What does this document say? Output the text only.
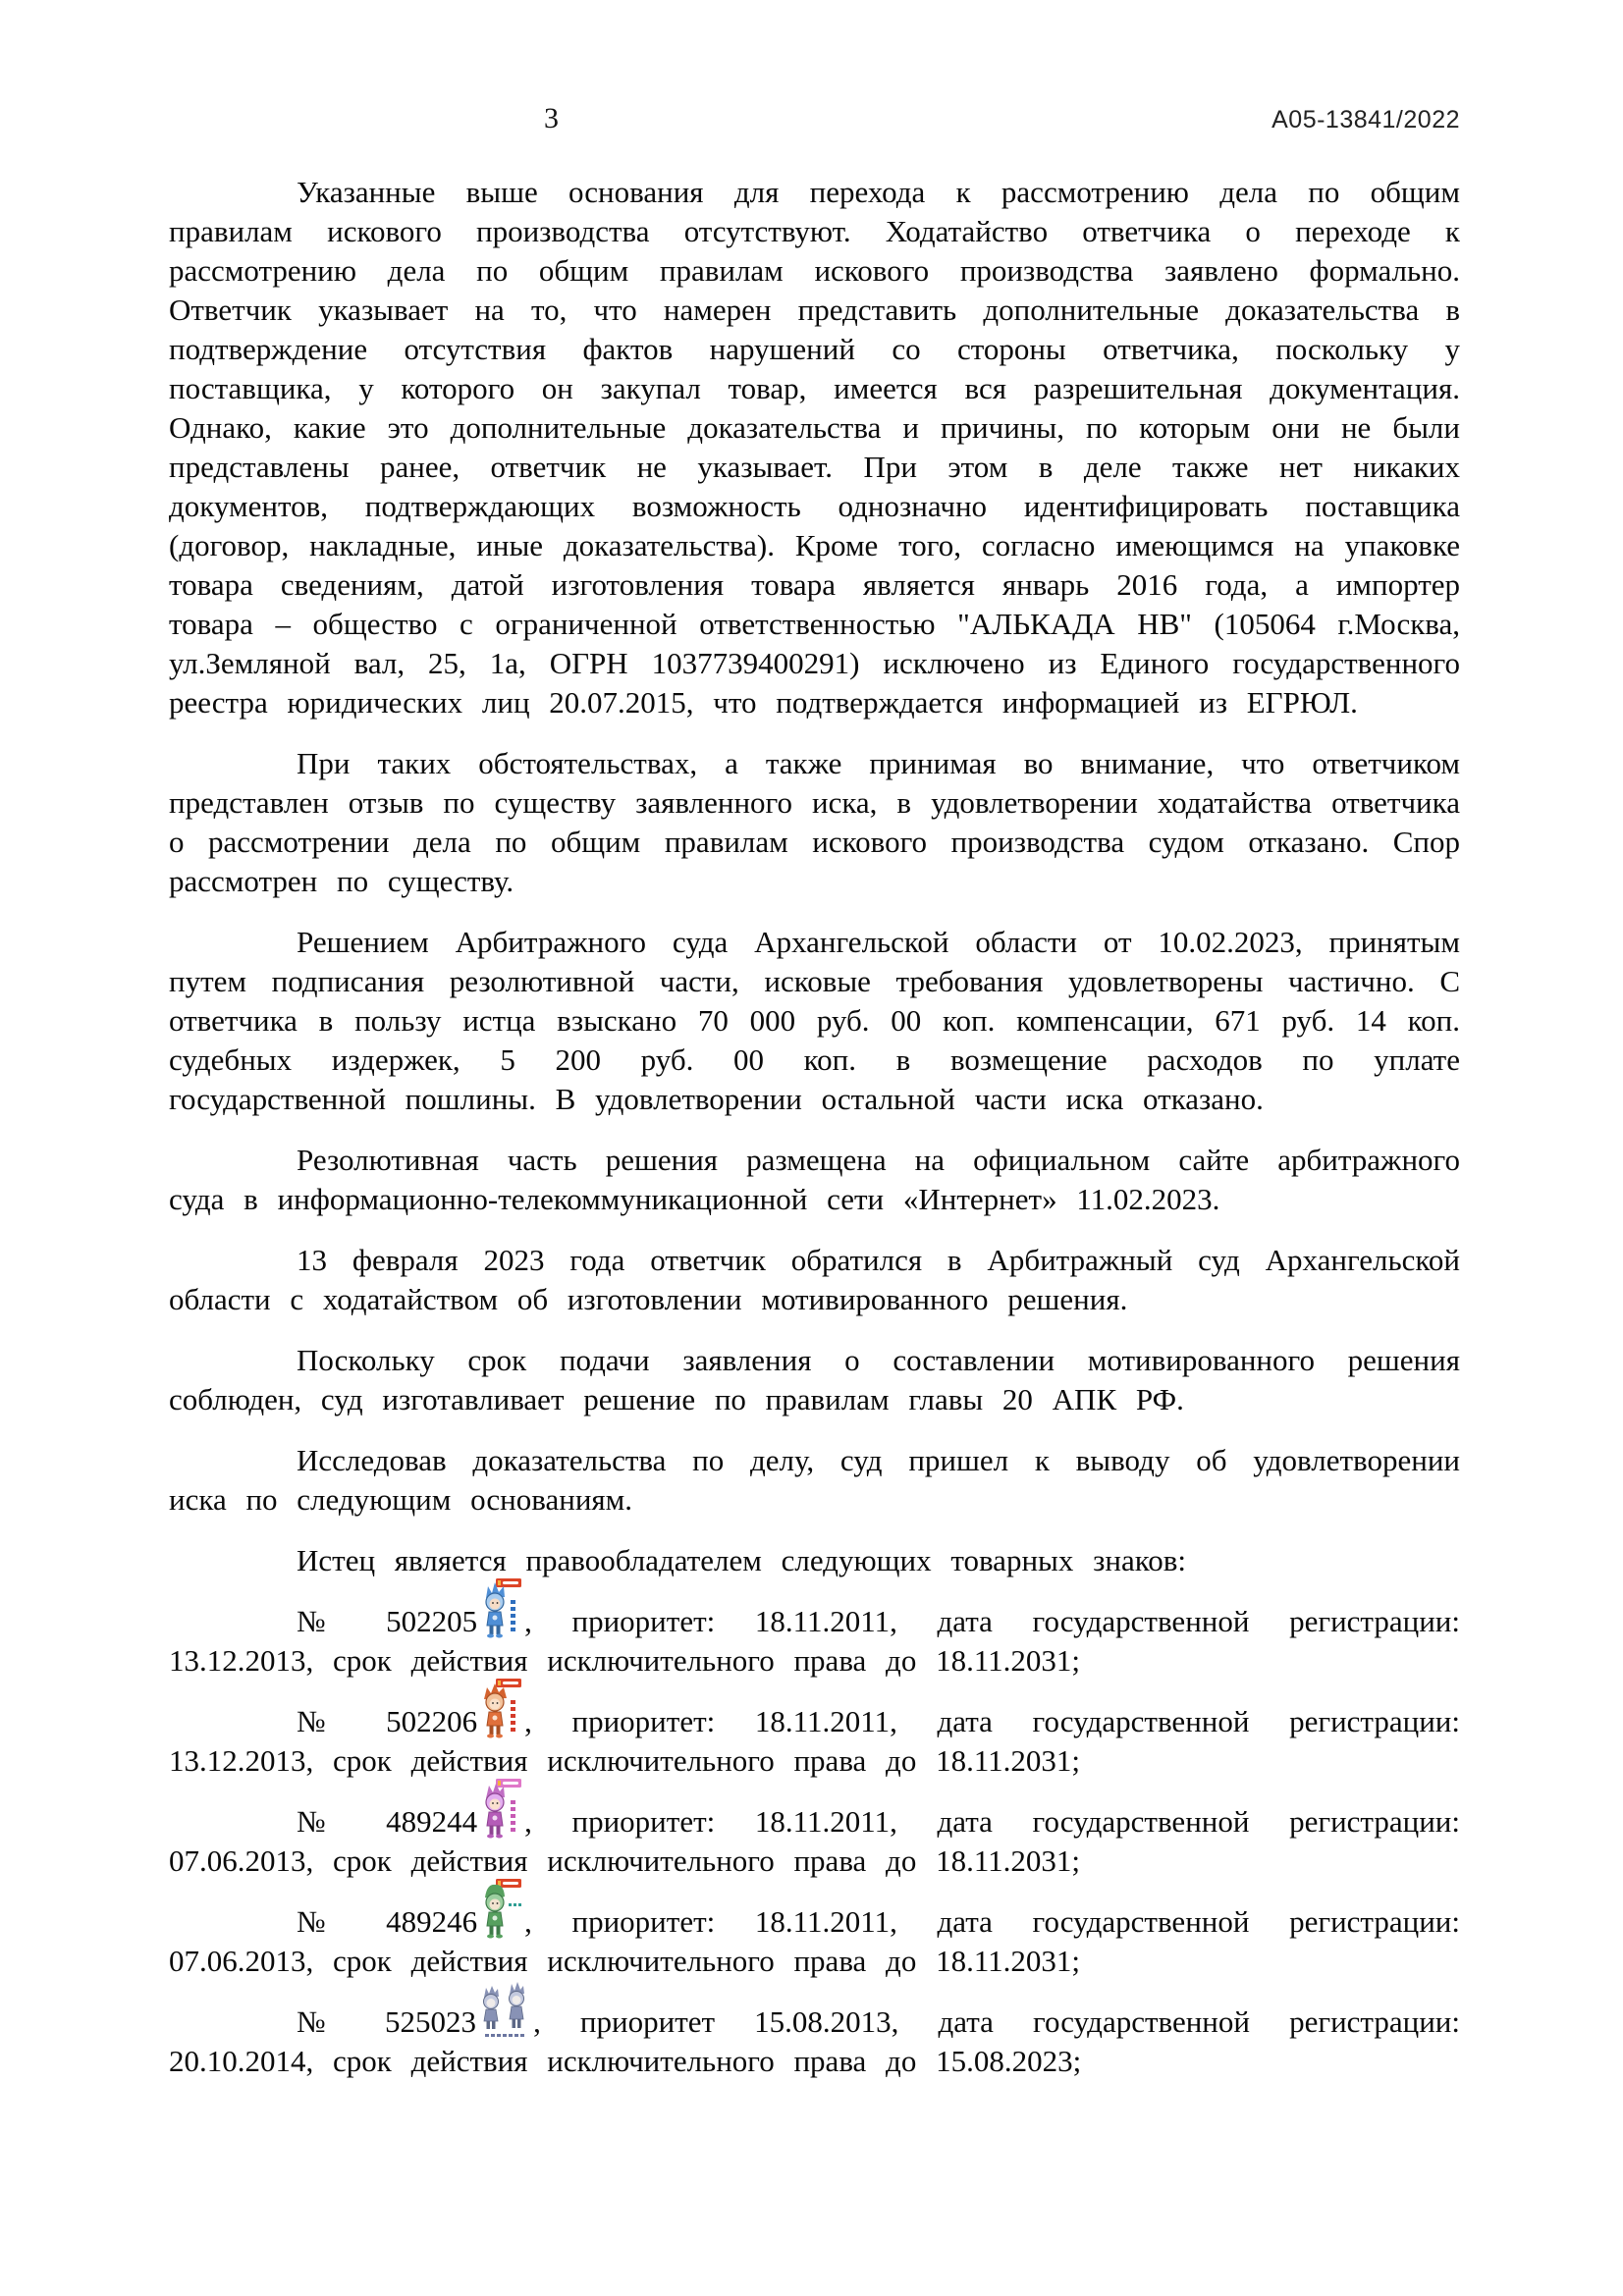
3	А05-13841/2022

Указанные выше основания для перехода к рассмотрению дела по общим правилам искового производства отсутствуют. Ходатайство ответчика о переходе к рассмотрению дела по общим правилам искового производства заявлено формально. Ответчик указывает на то, что намерен представить дополнительные доказательства в подтверждение отсутствия фактов нарушений со стороны ответчика, поскольку у поставщика, у которого он закупал товар, имеется вся разрешительная документация. Однако, какие это дополнительные доказательства и причины, по которым они не были представлены ранее, ответчик не указывает. При этом в деле также нет никаких документов, подтверждающих возможность однозначно идентифицировать поставщика (договор, накладные, иные доказательства). Кроме того, согласно имеющимся на упаковке товара сведениям, датой изготовления товара является январь 2016 года, а импортер товара – общество с ограниченной ответственностью "АЛЬКАДА НВ" (105064 г.Москва, ул.Земляной вал, 25, 1а, ОГРН 1037739400291) исключено из Единого государственного реестра юридических лиц 20.07.2015, что подтверждается информацией из ЕГРЮЛ.

При таких обстоятельствах, а также принимая во внимание, что ответчиком представлен отзыв по существу заявленного иска, в удовлетворении ходатайства ответчика о рассмотрении дела по общим правилам искового производства судом отказано. Спор рассмотрен по существу.

Решением Арбитражного суда Архангельской области от 10.02.2023, принятым путем подписания резолютивной части, исковые требования удовлетворены частично. С ответчика в пользу истца взыскано 70 000 руб. 00 коп. компенсации, 671 руб. 14 коп. судебных издержек, 5 200 руб. 00 коп. в возмещение расходов по уплате государственной пошлины. В удовлетворении остальной части иска отказано.

Резолютивная часть решения размещена на официальном сайте арбитражного суда в информационно-телекоммуникационной сети «Интернет» 11.02.2023.

13 февраля 2023 года ответчик обратился в Арбитражный суд Архангельской области с ходатайством об изготовлении мотивированного решения.

Поскольку срок подачи заявления о составлении мотивированного решения соблюден, суд изготавливает решение по правилам главы 20 АПК РФ.

Исследовав доказательства по делу, суд пришел к выводу об удовлетворении иска по следующим основаниям.

Истец является правообладателем следующих товарных знаков:

№ 502205 , приоритет: 18.11.2011, дата государственной регистрации: 13.12.2013, срок действия исключительного права до 18.11.2031;

№ 502206 , приоритет: 18.11.2011, дата государственной регистрации: 13.12.2013, срок действия исключительного права до 18.11.2031;

№ 489244 , приоритет: 18.11.2011, дата государственной регистрации: 07.06.2013, срок действия исключительного права до 18.11.2031;

№ 489246 , приоритет: 18.11.2011, дата государственной регистрации: 07.06.2013, срок действия исключительного права до 18.11.2031;

№ 525023 , приоритет 15.08.2013, дата государственной регистрации: 20.10.2014, срок действия исключительного права до 15.08.2023;
